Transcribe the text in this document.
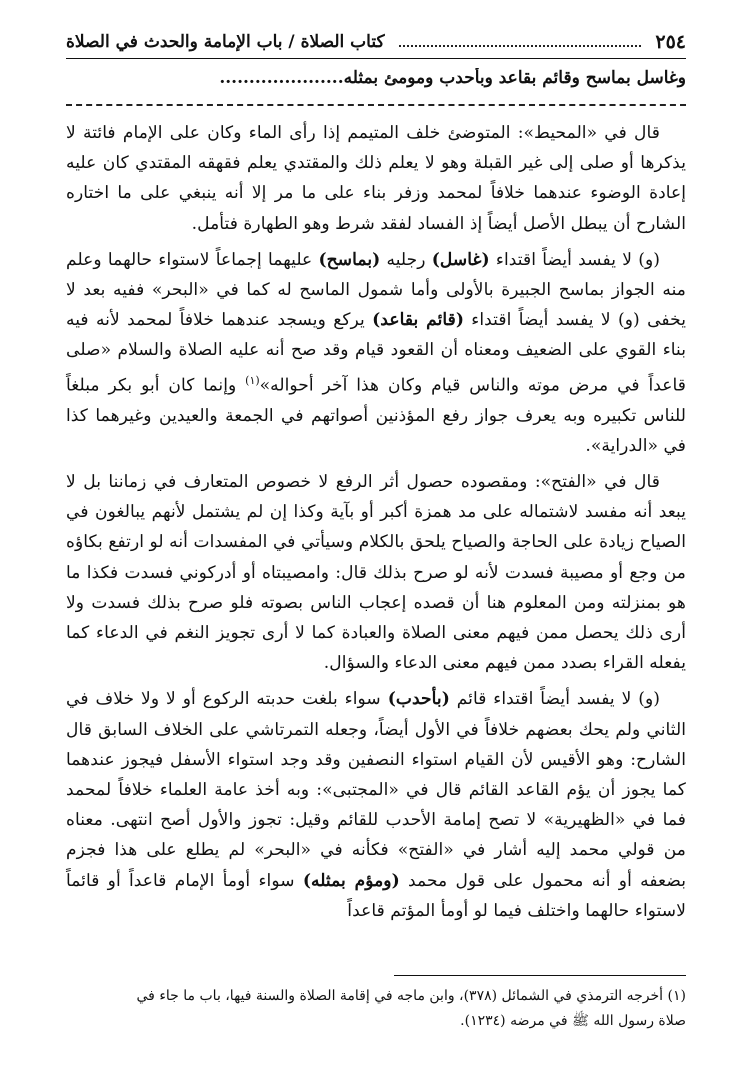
٢٥٤
كتاب الصلاة / باب الإمامة والحدث في الصلاة
وغاسل بماسح وقائم بقاعد وبأحدب ومومئ بمثله.....................

قال في «المحيط»: المتوضئ خلف المتيمم إذا رأى الماء وكان على الإمام فائتة لا يذكرها أو صلى إلى غير القبلة وهو لا يعلم ذلك والمقتدي يعلم فقهقه المقتدي كان عليه إعادة الوضوء عندهما خلافاً لمحمد وزفر بناء على ما مر إلا أنه ينبغي على ما اختاره الشارح أن يبطل الأصل أيضاً إذ الفساد لفقد شرط وهو الطهارة فتأمل.

(و) لا يفسد أيضاً اقتداء (غاسل) رجليه (بماسح) عليهما إجماعاً لاستواء حالهما وعلم منه الجواز بماسح الجبيرة بالأولى وأما شمول الماسح له كما في «البحر» ففيه بعد لا يخفى (و) لا يفسد أيضاً اقتداء (قائم بقاعد) يركع ويسجد عندهما خلافاً لمحمد لأنه فيه بناء القوي على الضعيف ومعناه أن القعود قيام وقد صح أنه عليه الصلاة والسلام «صلى قاعداً في مرض موته والناس قيام وكان هذا آخر أحواله»$^{(١)}$ وإنما كان أبو بكر مبلغاً للناس تكبيره وبه يعرف جواز رفع المؤذنين أصواتهم في الجمعة والعيدين وغيرهما كذا في «الدراية».

قال في «الفتح»: ومقصوده حصول أثر الرفع لا خصوص المتعارف في زماننا بل لا يبعد أنه مفسد لاشتماله على مد همزة أكبر أو بآية وكذا إن لم يشتمل لأنهم يبالغون في الصياح زيادة على الحاجة والصياح يلحق بالكلام وسيأتي في المفسدات أنه لو ارتفع بكاؤه من وجع أو مصيبة فسدت لأنه لو صرح بذلك قال: وامصيبتاه أو أدركوني فسدت فكذا ما هو بمنزلته ومن المعلوم هنا أن قصده إعجاب الناس بصوته فلو صرح بذلك فسدت ولا أرى ذلك يحصل ممن فيهم معنى الصلاة والعبادة كما لا أرى تجويز النغم في الدعاء كما يفعله القراء بصدد ممن فيهم معنى الدعاء والسؤال.

(و) لا يفسد أيضاً اقتداء قائم (بأحدب) سواء بلغت حدبته الركوع أو لا ولا خلاف في الثاني ولم يحك بعضهم خلافاً في الأول أيضاً، وجعله التمرتاشي على الخلاف السابق قال الشارح: وهو الأقيس لأن القيام استواء النصفين وقد وجد استواء الأسفل فيجوز عندهما كما يجوز أن يؤم القاعد القائم قال في «المجتبى»: وبه أخذ عامة العلماء خلافاً لمحمد فما في «الظهيرية» لا تصح إمامة الأحدب للقائم وقيل: تجوز والأول أصح انتهى. معناه من قولي محمد إليه أشار في «الفتح» فكأنه في «البحر» لم يطلع على هذا فجزم بضعفه أو أنه محمول على قول محمد (ومؤم بمثله) سواء أومأ الإمام قاعداً أو قائماً لاستواء حالهما واختلف فيما لو أومأ المؤتم قاعداً

(١) أخرجه الترمذي في الشمائل (٣٧٨)، وابن ماجه في إقامة الصلاة والسنة فيها، باب ما جاء في

صلاة رسول الله ﷺ في مرضه (١٢٣٤).
